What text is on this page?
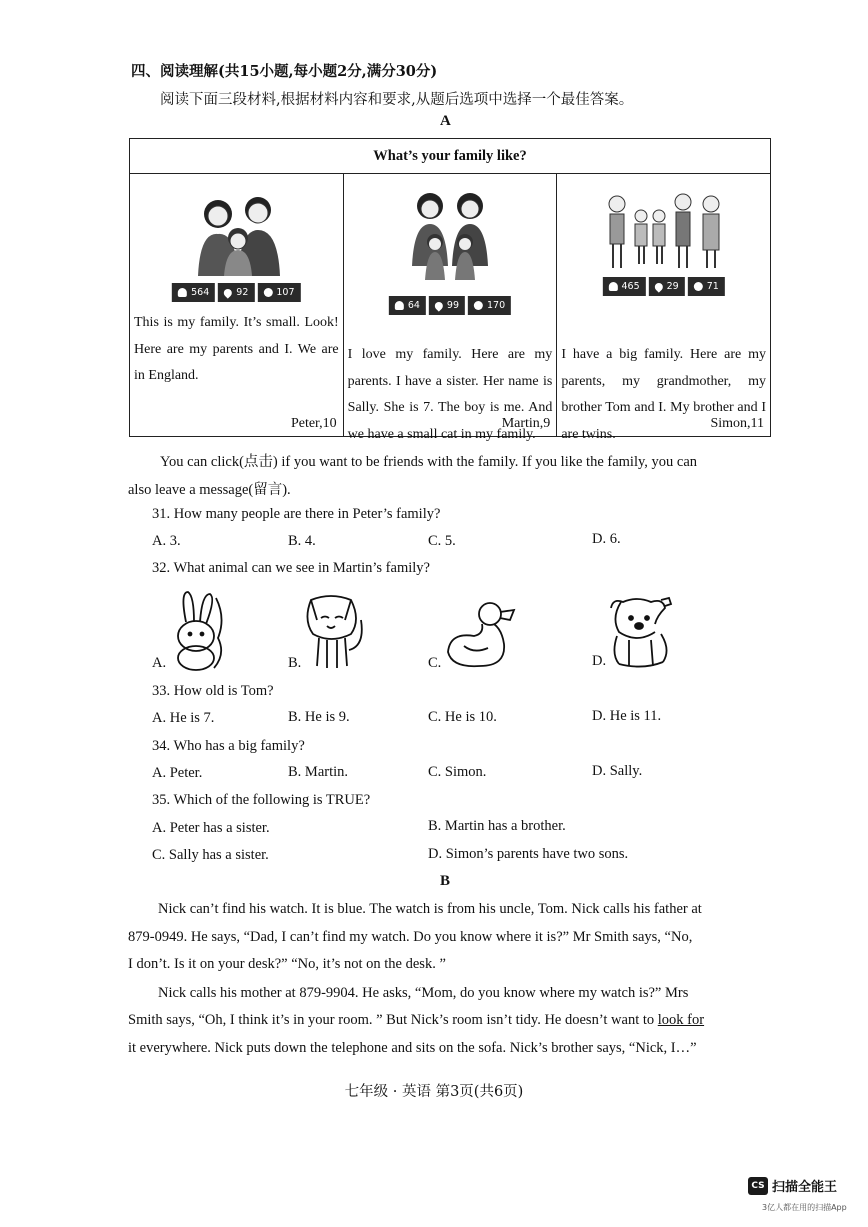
四、阅读理解(共15小题,每小题2分,满分30分)
阅读下面三段材料,根据材料内容和要求,从题后选项中选择一个最佳答案。
A
What’s your family like?

564	92	107
This is my family. It’s small. Look! Here are my parents and I. We are in England.
Peter,10

64	99	170
I love my family. Here are my parents. I have a sister. Her name is Sally. She is 7. The boy is me. And we have a small cat in my family.
Martin,9

465	29	71
I have a big family. Here are my parents, my grandmother, my brother Tom and I. My brother and I are twins.
Simon,11
You can click(点击) if you want to be friends with the family. If you like the family, you can
also leave a message(留言).
31. How many people are there in Peter’s family?
A. 3.	B. 4.	C. 5.	D. 6.
32. What animal can we see in Martin’s family?
A.	B.	C.	D.
33. How old is Tom?
A. He is 7.	B. He is 9.	C. He is 10.	D. He is 11.
34. Who has a big family?
A. Peter.	B. Martin.	C. Simon.	D. Sally.
35. Which of the following is TRUE?
A. Peter has a sister.	B. Martin has a brother.
C. Sally has a sister.	D. Simon’s parents have two sons.
B
Nick can’t find his watch. It is blue. The watch is from his uncle, Tom. Nick calls his father at
879-0949. He says, “Dad, I can’t find my watch. Do you know where it is?” Mr Smith says, “No,
I don’t. Is it on your desk?” “No, it’s not on the desk. ”
Nick calls his mother at 879-9904. He asks, “Mom, do you know where my watch is?” Mrs
Smith says, “Oh, I think it’s in your room. ” But Nick’s room isn’t tidy. He doesn’t want to look for
it everywhere. Nick puts down the telephone and sits on the sofa. Nick’s brother says, “Nick, I…”
七年级 · 英语 第3页(共6页)
CS 扫描全能王
3亿人都在用的扫描App
